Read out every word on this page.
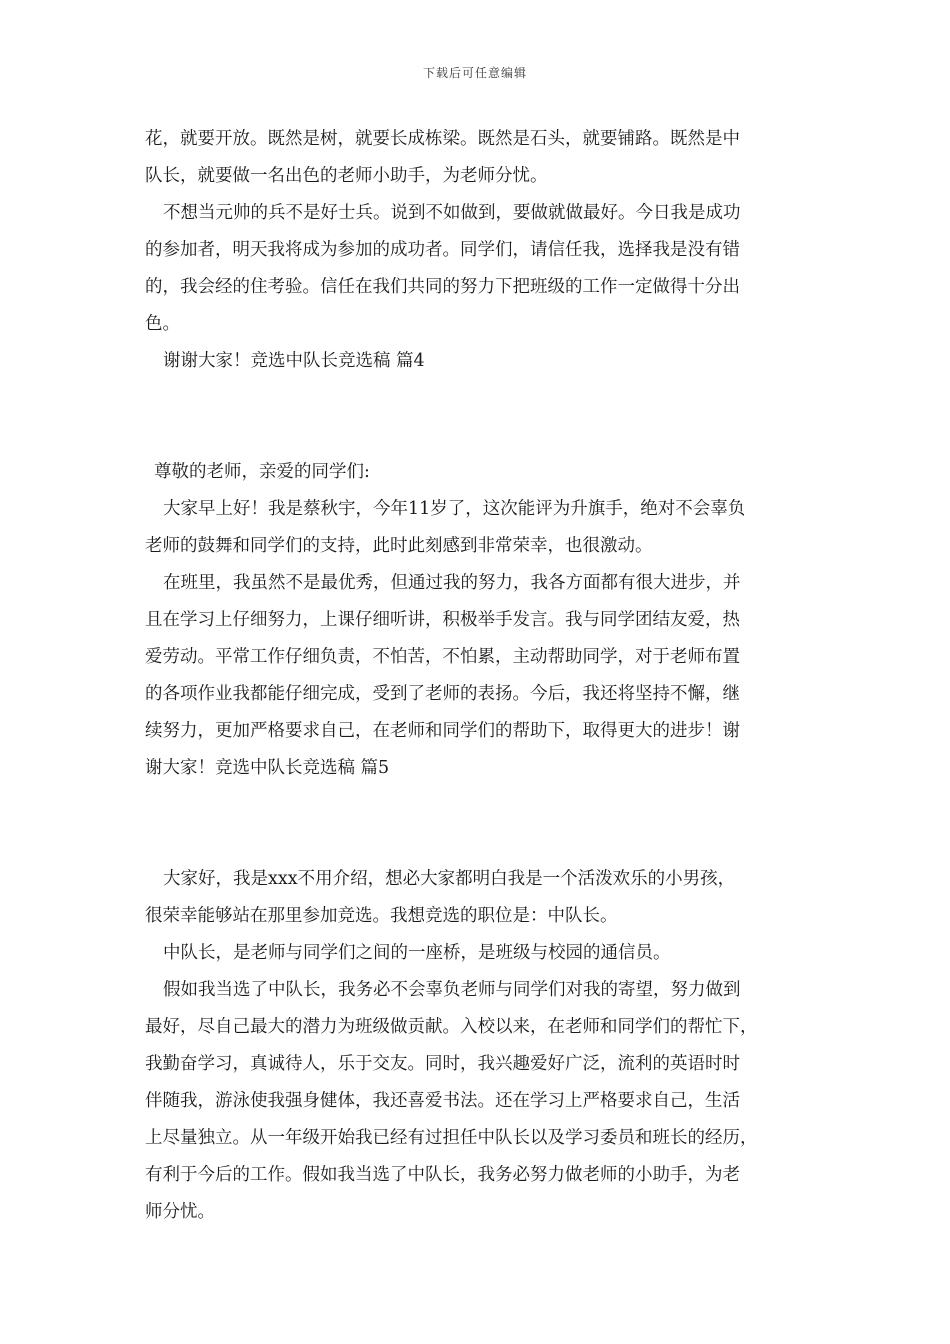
下载后可任意编辑
花，就要开放。既然是树，就要长成栋梁。既然是石头，就要铺路。既然是中
队长，就要做一名出色的老师小助手，为老师分忧。
不想当元帅的兵不是好士兵。说到不如做到，要做就做最好。今日我是成功
的参加者，明天我将成为参加的成功者。同学们，请信任我，选择我是没有错
的，我会经的住考验。信任在我们共同的努力下把班级的工作一定做得十分出
色。
谢谢大家！竞选中队长竞选稿 篇4
尊敬的老师，亲爱的同学们:
大家早上好！我是蔡秋宇，今年11岁了，这次能评为升旗手，绝对不会辜负
老师的鼓舞和同学们的支持，此时此刻感到非常荣幸，也很激动。
在班里，我虽然不是最优秀，但通过我的努力，我各方面都有很大进步，并
且在学习上仔细努力，上课仔细听讲，积极举手发言。我与同学团结友爱，热
爱劳动。平常工作仔细负责，不怕苦，不怕累，主动帮助同学，对于老师布置
的各项作业我都能仔细完成，受到了老师的表扬。今后，我还将坚持不懈，继
续努力，更加严格要求自己，在老师和同学们的帮助下，取得更大的进步！谢
谢大家！竞选中队长竞选稿 篇5
大家好，我是xxx不用介绍，想必大家都明白我是一个活泼欢乐的小男孩，
很荣幸能够站在那里参加竞选。我想竞选的职位是：中队长。
中队长，是老师与同学们之间的一座桥，是班级与校园的通信员。
假如我当选了中队长，我务必不会辜负老师与同学们对我的寄望，努力做到
最好，尽自己最大的潜力为班级做贡献。入校以来，在老师和同学们的帮忙下，
我勤奋学习，真诚待人，乐于交友。同时，我兴趣爱好广泛，流利的英语时时
伴随我，游泳使我强身健体，我还喜爱书法。还在学习上严格要求自己，生活
上尽量独立。从一年级开始我已经有过担任中队长以及学习委员和班长的经历，
有利于今后的工作。假如我当选了中队长，我务必努力做老师的小助手，为老
师分忧。
